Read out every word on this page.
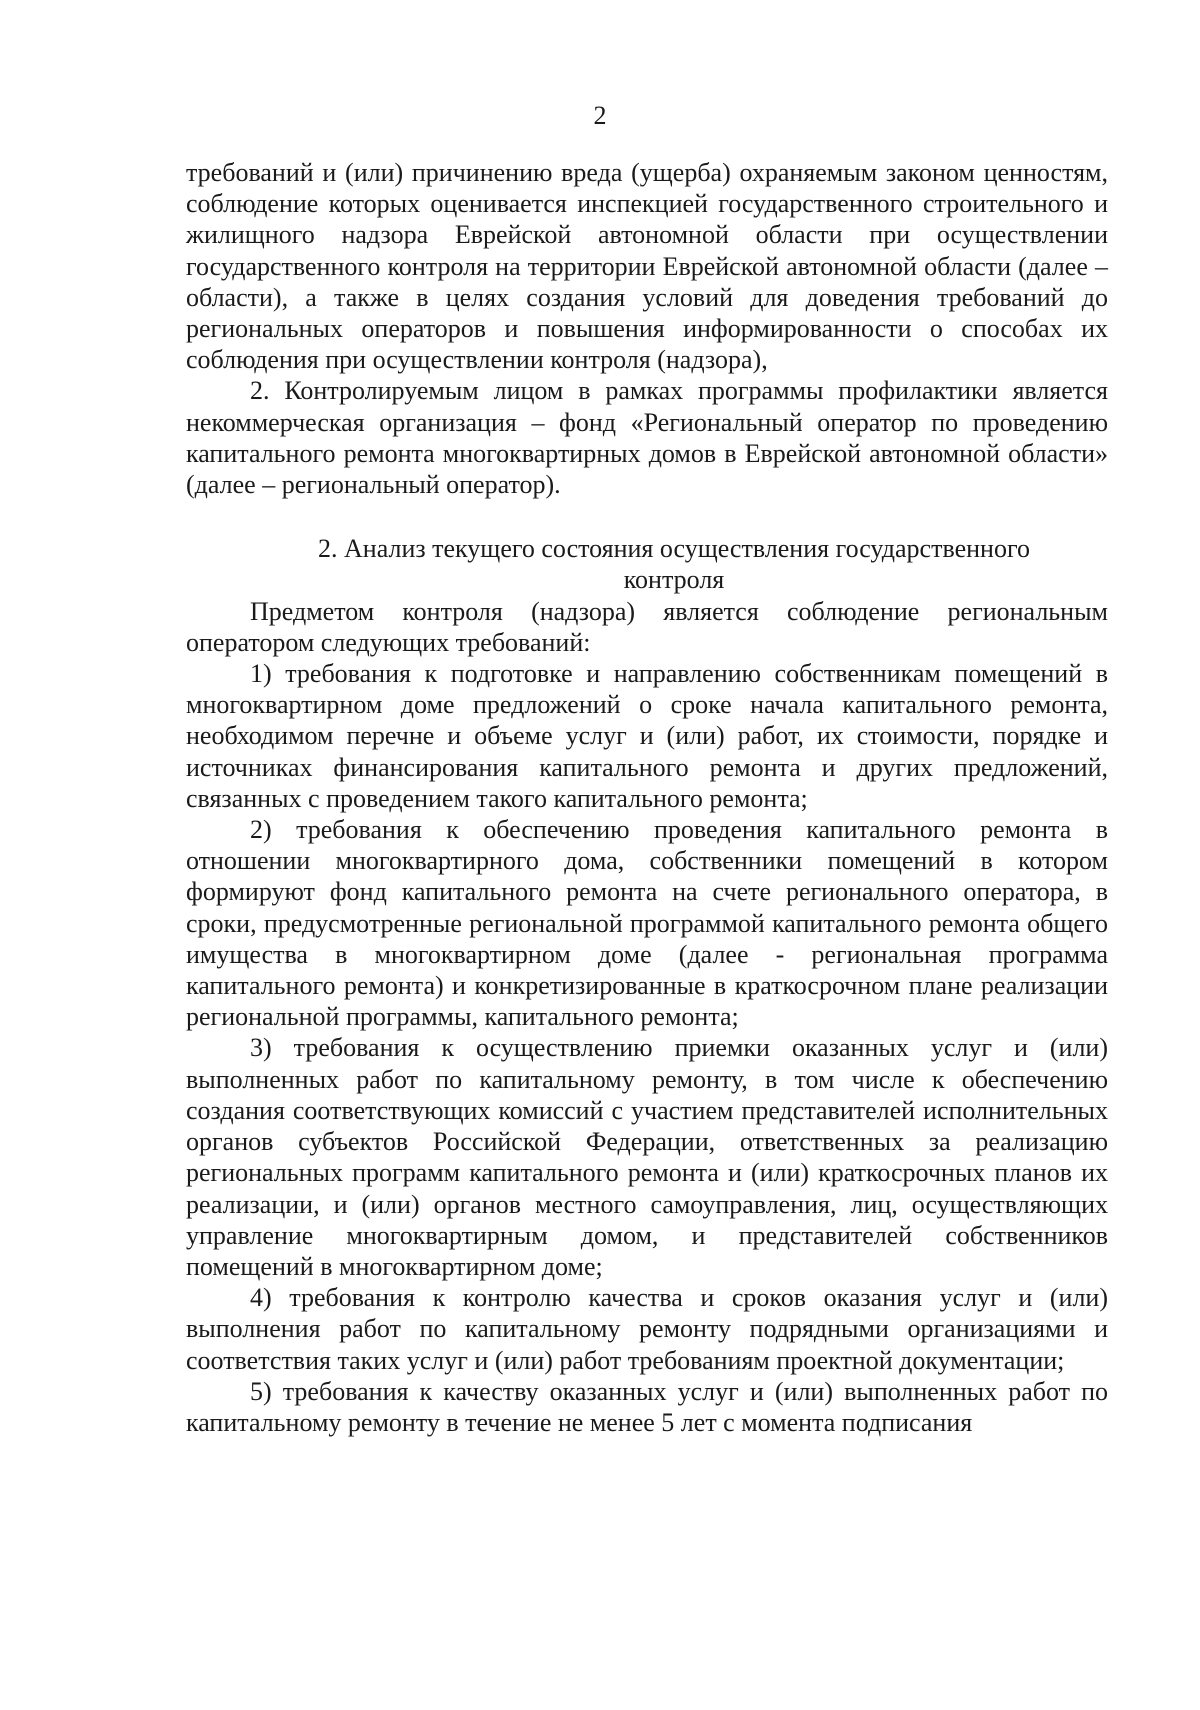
2

требований и (или) причинению вреда (ущерба) охраняемым законом ценностям, соблюдение которых оценивается инспекцией государственного строительного и жилищного надзора Еврейской автономной области при осуществлении государственного контроля на территории Еврейской автономной области (далее – области), а также в целях создания условий для доведения требований до региональных операторов и повышения информированности о способах их соблюдения при осуществлении контроля (надзора),

2. Контролируемым лицом в рамках программы профилактики является некоммерческая организация – фонд «Региональный оператор по проведению капитального ремонта многоквартирных домов в Еврейской автономной области» (далее – региональный оператор).

2. Анализ текущего состояния осуществления государственного
контроля

Предметом контроля (надзора) является соблюдение региональным оператором следующих требований:

1) требования к подготовке и направлению собственникам помещений в многоквартирном доме предложений о сроке начала капитального ремонта, необходимом перечне и объеме услуг и (или) работ, их стоимости, порядке и источниках финансирования капитального ремонта и других предложений, связанных с проведением такого капитального ремонта;

2) требования к обеспечению проведения капитального ремонта в отношении многоквартирного дома, собственники помещений в котором формируют фонд капитального ремонта на счете регионального оператора, в сроки, предусмотренные региональной программой капитального ремонта общего имущества в многоквартирном доме (далее - региональная программа капитального ремонта) и конкретизированные в краткосрочном плане реализации региональной программы, капитального ремонта;

3) требования к осуществлению приемки оказанных услуг и (или) выполненных работ по капитальному ремонту, в том числе к обеспечению создания соответствующих комиссий с участием представителей исполнительных органов субъектов Российской Федерации, ответственных за реализацию региональных программ капитального ремонта и (или) краткосрочных планов их реализации, и (или) органов местного самоуправления, лиц, осуществляющих управление многоквартирным домом, и представителей собственников помещений в многоквартирном доме;

4) требования к контролю качества и сроков оказания услуг и (или) выполнения работ по капитальному ремонту подрядными организациями и соответствия таких услуг и (или) работ требованиям проектной документации;

5) требования к качеству оказанных услуг и (или) выполненных работ по капитальному ремонту в течение не менее 5 лет с момента подписания
